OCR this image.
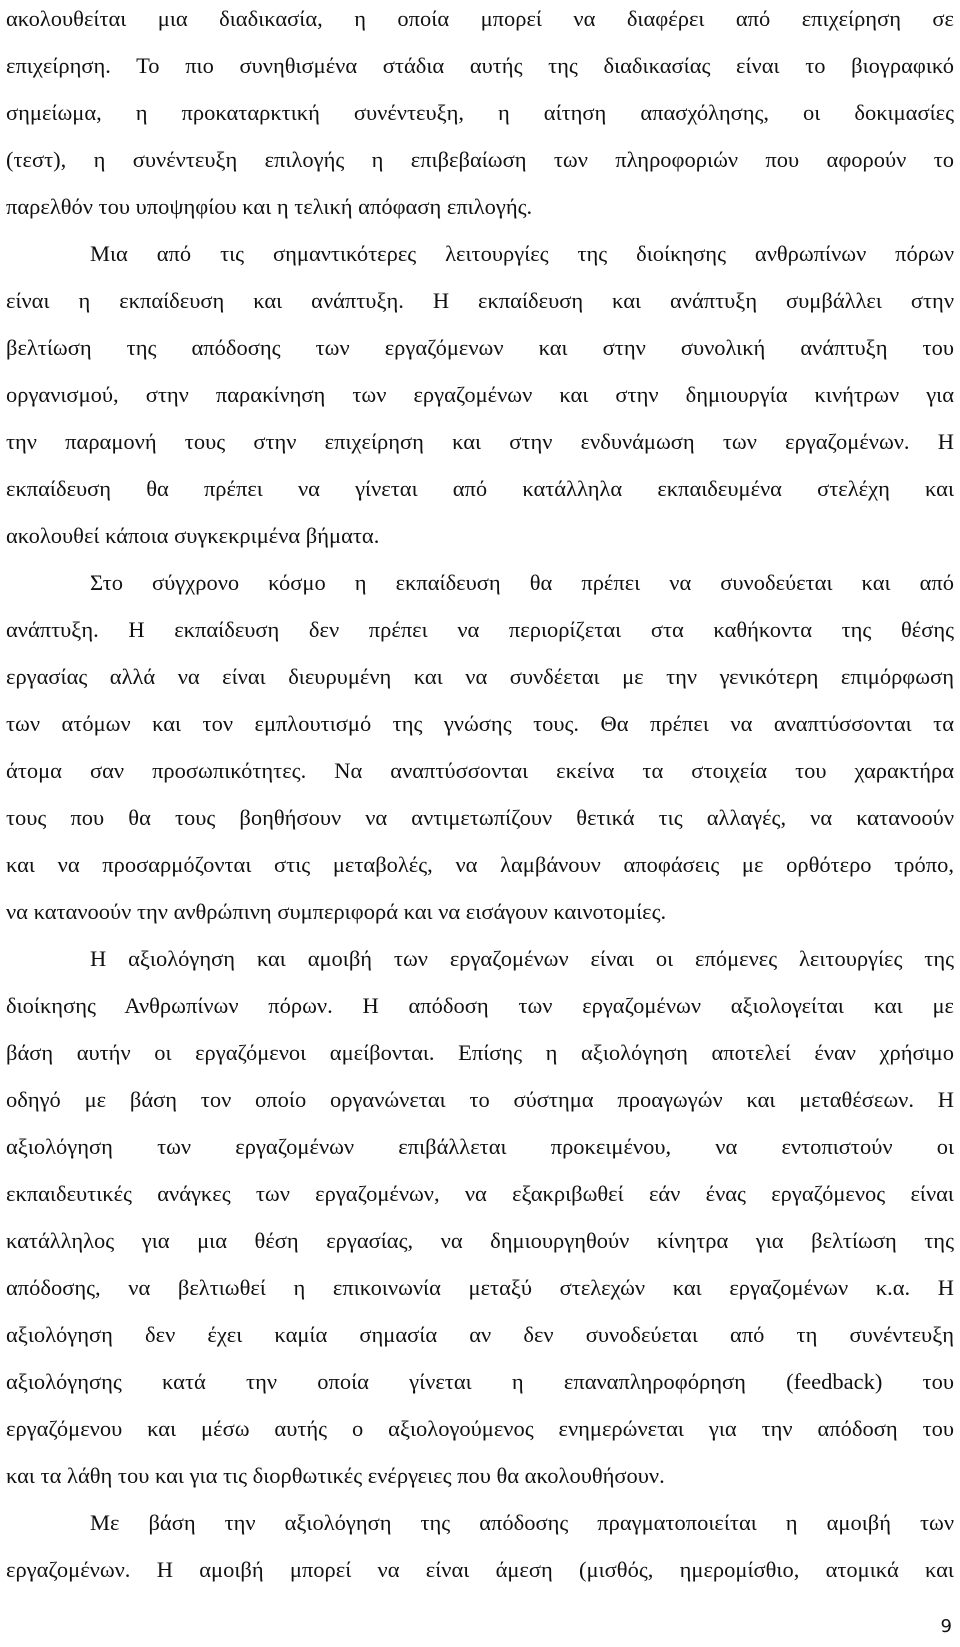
ακολουθείται μια διαδικασία, η οποία μπορεί να διαφέρει από επιχείρηση σε
επιχείρηση. Το πιο συνηθισμένα στάδια αυτής της διαδικασίας είναι το βιογραφικό
σημείωμα, η προκαταρκτική συνέντευξη, η αίτηση απασχόλησης, οι δοκιμασίες
(τεστ), η συνέντευξη επιλογής η επιβεβαίωση των πληροφοριών που αφορούν το
παρελθόν του υποψηφίου και η τελική απόφαση επιλογής.
Μια από τις σημαντικότερες λειτουργίες της διοίκησης ανθρωπίνων πόρων
είναι η εκπαίδευση και ανάπτυξη. Η εκπαίδευση και ανάπτυξη συμβάλλει στην
βελτίωση της απόδοσης των εργαζόμενων και στην συνολική ανάπτυξη του
οργανισμού, στην παρακίνηση των εργαζομένων και στην δημιουργία κινήτρων για
την παραμονή τους στην επιχείρηση και στην ενδυνάμωση των εργαζομένων. Η
εκπαίδευση θα πρέπει να γίνεται από κατάλληλα εκπαιδευμένα στελέχη και
ακολουθεί κάποια συγκεκριμένα βήματα.
Στο σύγχρονο κόσμο η εκπαίδευση θα πρέπει να συνοδεύεται και από
ανάπτυξη. Η εκπαίδευση δεν πρέπει να περιορίζεται στα καθήκοντα της θέσης
εργασίας αλλά να είναι διευρυμένη και να συνδέεται με την γενικότερη επιμόρφωση
των ατόμων και τον εμπλουτισμό της γνώσης τους. Θα πρέπει να αναπτύσσονται τα
άτομα σαν προσωπικότητες. Να αναπτύσσονται εκείνα τα στοιχεία του χαρακτήρα
τους που θα τους βοηθήσουν να αντιμετωπίζουν θετικά τις αλλαγές, να κατανοούν
και να προσαρμόζονται στις μεταβολές, να λαμβάνουν αποφάσεις με ορθότερο τρόπο,
να κατανοούν την ανθρώπινη συμπεριφορά και να εισάγουν καινοτομίες.
Η αξιολόγηση και αμοιβή των εργαζομένων είναι οι επόμενες λειτουργίες της
διοίκησης Ανθρωπίνων πόρων. Η απόδοση των εργαζομένων αξιολογείται και με
βάση αυτήν οι εργαζόμενοι αμείβονται. Επίσης η αξιολόγηση αποτελεί έναν χρήσιμο
οδηγό με βάση τον οποίο οργανώνεται το σύστημα προαγωγών και μεταθέσεων. Η
αξιολόγηση των εργαζομένων επιβάλλεται προκειμένου, να εντοπιστούν οι
εκπαιδευτικές ανάγκες των εργαζομένων, να εξακριβωθεί εάν ένας εργαζόμενος είναι
κατάλληλος για μια θέση εργασίας, να δημιουργηθούν κίνητρα για βελτίωση της
απόδοσης, να βελτιωθεί η επικοινωνία μεταξύ στελεχών και εργαζομένων κ.α. Η
αξιολόγηση δεν έχει καμία σημασία αν δεν συνοδεύεται από τη συνέντευξη
αξιολόγησης κατά την οποία γίνεται η επαναπληροφόρηση (feedback) του
εργαζόμενου και μέσω αυτής ο αξιολογούμενος ενημερώνεται για την απόδοση του
και τα λάθη του και για τις διορθωτικές ενέργειες που θα ακολουθήσουν.
Με βάση την αξιολόγηση της απόδοσης πραγματοποιείται η αμοιβή των
εργαζομένων. Η αμοιβή μπορεί να είναι άμεση (μισθός, ημερομίσθιο, ατομικά και
9
